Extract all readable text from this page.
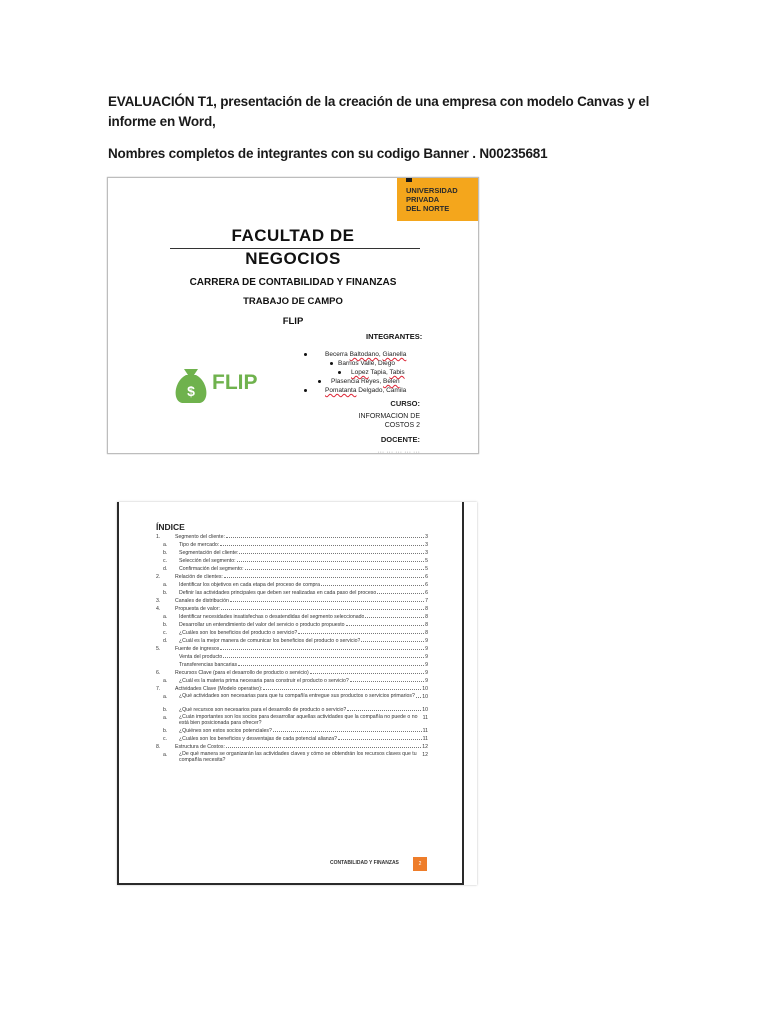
EVALUACIÓN T1, presentación de la creación de una empresa con modelo Canvas y el informe en Word,
Nombres completos de integrantes con su codigo Banner . N00235681
UNIVERSIDAD
PRIVADA
DEL NORTE
FACULTAD DE
NEGOCIOS
CARRERA DE CONTABILIDAD Y FINANZAS
TRABAJO DE CAMPO
FLIP
INTEGRANTES:
Becerra Baltodano, Gianella
Barrios Valle, Diego
Lopez Tapia, Tabis
Plasencia Reyes, Belen
Pomatanta Delgado, Camila
CURSO:
INFORMACION DE
COSTOS 2
DOCENTE:
··· ··· ··· ··· ···
$ FLIP
ÍNDICE
1.	Segmento del cliente:	3
a.	Tipo de mercado:	3
b.	Segmentación del cliente:	3
c.	Selección del segmento:	5
d.	Confirmación del segmento:	5
2.	Relación de clientes:	6
a.	Identificar los objetivos en cada etapa del proceso de compra	6
b.	Definir las actividades principales que deben ser realizadas en cada paso del proceso	6
3.	Canales de distribución	7
4.	Propuesta de valor:	8
a.	Identificar necesidades insatisfechas o desatendidas del segmento seleccionado	8
b.	Desarrollar un entendimiento del valor del servicio o producto propuesto	8
c.	¿Cuáles son los beneficios del producto o servicio?	8
d.	¿Cuál es la mejor manera de comunicar los beneficios del producto o servicio?	9
5.	Fuente de ingresos	9
Venta del producto	9
Transferencias bancarias	9
6.	Recursos Clave (para el desarrollo de producto o servicio)	9
a.	¿Cuál es la materia prima necesaria para construir el producto o servicio?	9
7.	Actividades Clave (Modelo operativo):	10
a.	¿Qué actividades son necesarias para que tu compañía entregue sus productos o servicios primarios? 10
b.	¿Qué recursos son necesarios para el desarrollo de producto o servicio?	10
a.	¿Cuán importantes son los socios para desarrollar aquellas actividades que la compañía no puede o no está bien posicionada para ofrecer?
11
b.	¿Quiénes son estos socios potenciales?	11
c.	¿Cuáles son los beneficios y desventajas de cada potencial alianza?	11
8.	Estructura de Costos:	12
a.	¿De qué manera se organizarán las actividades claves y cómo se obtendrán los recursos claves que tu compañía necesita?
12
CONTABILIDAD Y FINANZAS	2
